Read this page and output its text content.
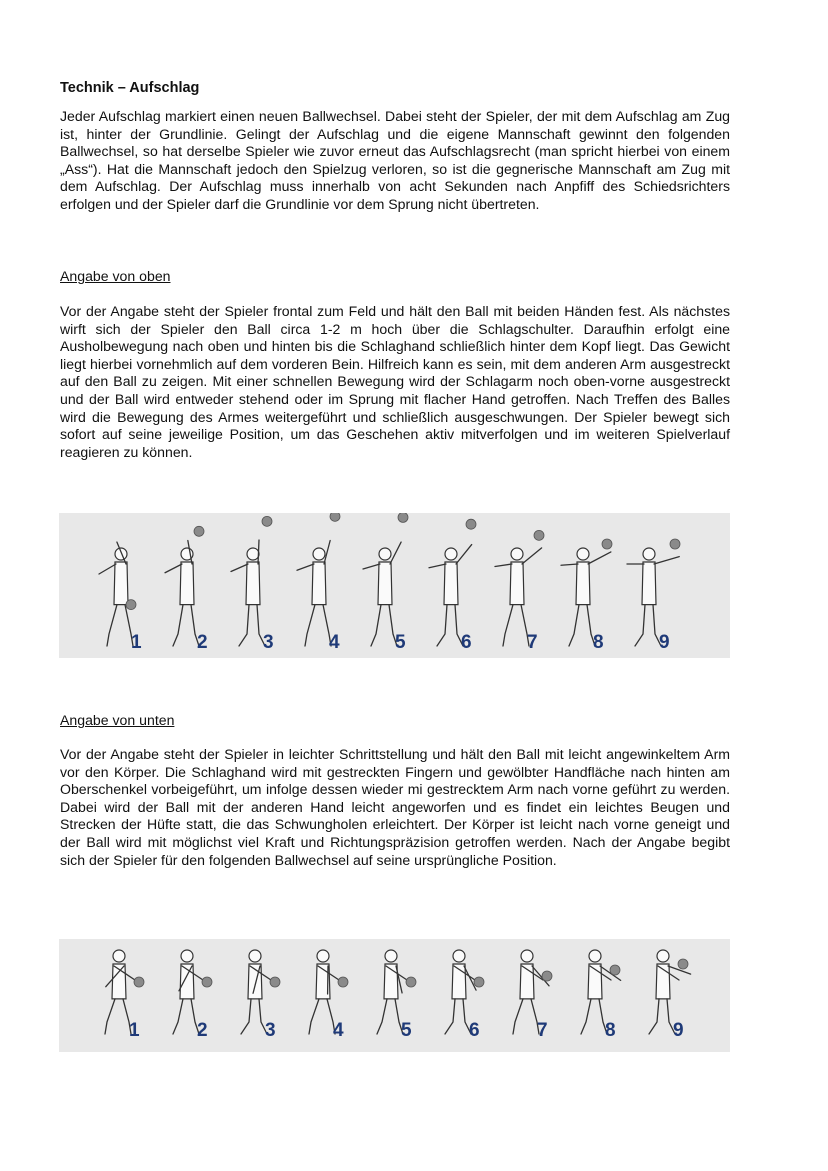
Technik – Aufschlag

Jeder Aufschlag markiert einen neuen Ballwechsel. Dabei steht der Spieler, der mit dem Aufschlag am Zug ist, hinter der Grundlinie. Gelingt der Aufschlag und die eigene Mannschaft gewinnt den folgenden Ballwechsel, so hat derselbe Spieler wie zuvor erneut das Aufschlagsrecht (man spricht hierbei von einem „Ass“). Hat die Mannschaft jedoch den Spielzug verloren, so ist die gegnerische Mannschaft am Zug mit dem Aufschlag. Der Aufschlag muss innerhalb von acht Sekunden nach Anpfiff des Schiedsrichters erfolgen und der Spieler darf die Grundlinie vor dem Sprung nicht übertreten.

Angabe von oben

Vor der Angabe steht der Spieler frontal zum Feld und hält den Ball mit beiden Händen fest. Als nächstes wirft sich der Spieler den Ball circa 1-2 m hoch über die Schlagschulter. Daraufhin erfolgt eine Ausholbewegung nach oben und hinten bis die Schlaghand schließlich hinter dem Kopf liegt. Das Gewicht liegt hierbei vornehmlich auf dem vorderen Bein. Hilfreich kann es sein, mit dem anderen Arm ausgestreckt auf den Ball zu zeigen. Mit einer schnellen Bewegung wird der Schlagarm noch oben-vorne ausgestreckt und der Ball wird entweder stehend oder im Sprung mit flacher Hand getroffen. Nach Treffen des Balles wird die Bewegung des Armes weitergeführt und schließlich ausgeschwungen. Der Spieler bewegt sich sofort auf seine jeweilige Position, um das Geschehen aktiv mitverfolgen und im weiteren Spielverlauf reagieren zu können.

1	2	3	4	5	6	7	8	9
Angabe von unten

Vor der Angabe steht der Spieler in leichter Schrittstellung und hält den Ball mit leicht angewinkeltem Arm vor den Körper. Die Schlaghand wird mit gestreckten Fingern und gewölbter Handfläche nach hinten am Oberschenkel vorbeigeführt, um infolge dessen wieder mi gestrecktem Arm nach vorne geführt zu werden. Dabei wird der Ball mit der anderen Hand leicht angeworfen und es findet ein leichtes Beugen und Strecken der Hüfte statt, die das Schwungholen erleichtert. Der Körper ist leicht nach vorne geneigt und der Ball wird mit möglichst viel Kraft und Richtungspräzision getroffen werden. Nach der Angabe begibt sich der Spieler für den folgenden Ballwechsel auf seine ursprüngliche Position.

1	2	3	4	5	6	7	8	9
